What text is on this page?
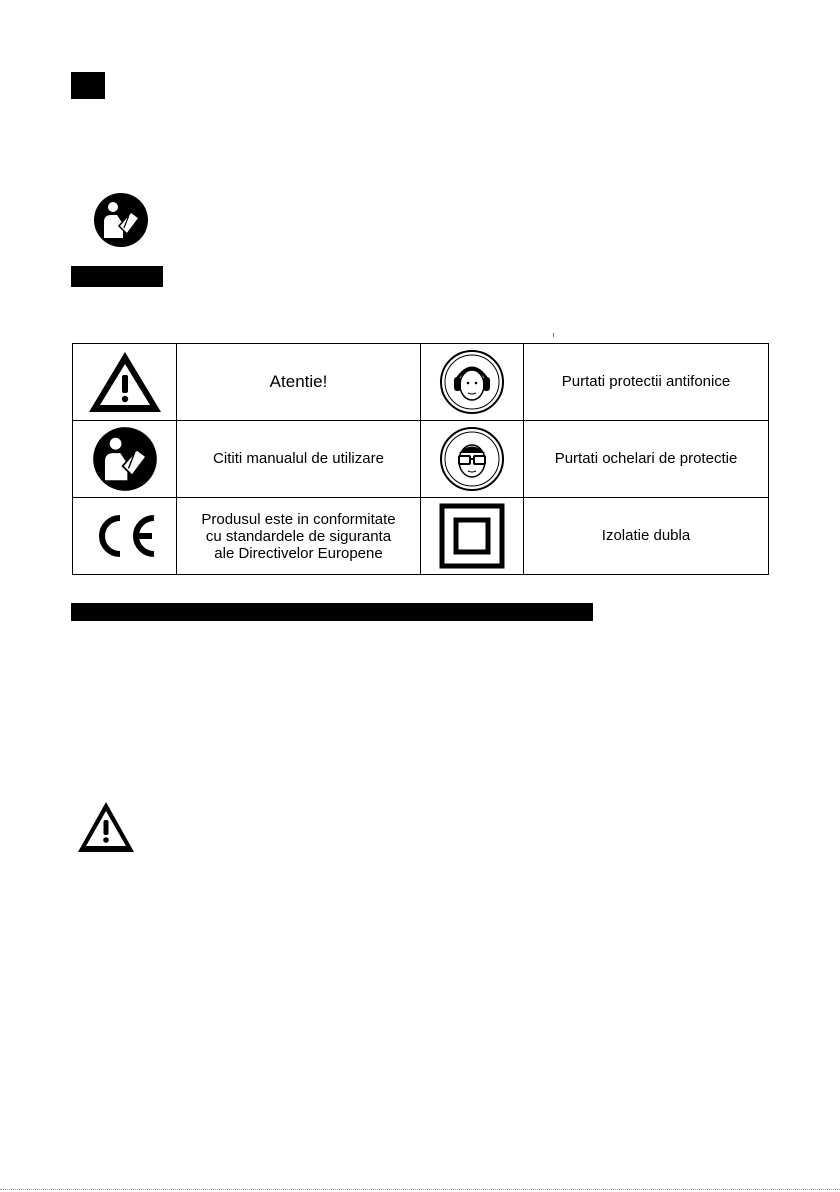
	Atentie!		Purtati protectii antifonice

	Cititi manualul de utilizare		Purtati ochelari de protectie

Produsul este in conformitate
cu standardele de siguranta
ale Directivelor Europene		Izolatie dubla
